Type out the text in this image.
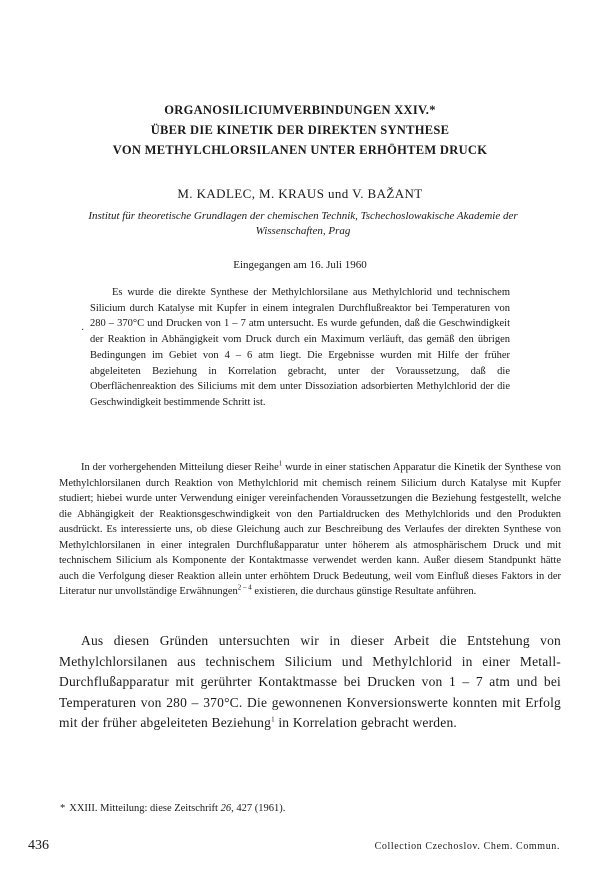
ORGANOSILICIUMVERBINDUNGEN XXIV.*
ÜBER DIE KINETIK DER DIREKTEN SYNTHESE
VON METHYLCHLORSILANEN UNTER ERHÖHTEM DRUCK
M. KADLEC, M. KRAUS und V. BAŽANT
Institut für theoretische Grundlagen der chemischen Technik, Tschechoslowakische Akademie der
Wissenschaften, Prag
Eingegangen am 16. Juli 1960
·

Es wurde die direkte Synthese der Methylchlorsilane aus Methylchlorid und technischem Silicium durch Katalyse mit Kupfer in einem integralen Durchflußreaktor bei Temperaturen von 280 – 370°C und Drucken von 1 – 7 atm untersucht. Es wurde gefunden, daß die Geschwindigkeit der Reaktion in Abhängigkeit vom Druck durch ein Maximum verläuft, das gemäß den übrigen Bedingungen im Gebiet von 4 – 6 atm liegt. Die Ergebnisse wurden mit Hilfe der früher abgeleiteten Beziehung in Korrelation gebracht, unter der Voraussetzung, daß die Oberflächenreaktion des Siliciums mit dem unter Dissoziation adsorbierten Methylchlorid der die Geschwindigkeit bestimmende Schritt ist.

In der vorhergehenden Mitteilung dieser Reihe$^1$ wurde in einer statischen Apparatur die Kinetik der Synthese von Methylchlorsilanen durch Reaktion von Methylchlorid mit chemisch reinem Silicium durch Katalyse mit Kupfer studiert; hiebei wurde unter Verwendung einiger vereinfachenden Voraussetzungen die Beziehung festgestellt, welche die Abhängigkeit der Reaktionsgeschwindigkeit von den Partialdrucken des Methylchlorids und den Produkten ausdrückt. Es interessierte uns, ob diese Gleichung auch zur Beschreibung des Verlaufes der direkten Synthese von Methylchlorsilanen in einer integralen Durchflußapparatur unter höherem als atmosphärischem Druck und mit technischem Silicium als Komponente der Kontaktmasse verwendet werden kann. Außer diesem Standpunkt hätte auch die Verfolgung dieser Reaktion allein unter erhöhtem Druck Bedeutung, weil vom Einfluß dieses Faktors in der Literatur nur unvollständige Erwähnungen$^{2 - 4}$ existieren, die durchaus günstige Resultate anführen.

Aus diesen Gründen untersuchten wir in dieser Arbeit die Entstehung von Methylchlorsilanen aus technischem Silicium und Methylchlorid in einer Metall-Durchflußapparatur mit gerührter Kontaktmasse bei Drucken von 1 – 7 atm und bei Temperaturen von 280 – 370°C. Die gewonnenen Konversionswerte konnten mit Erfolg mit der früher abgeleiteten Beziehung$^1$ in Korrelation gebracht werden.

* XXIII. Mitteilung: diese Zeitschrift 26, 427 (1961).
436	Collection Czechoslov. Chem. Commun.
